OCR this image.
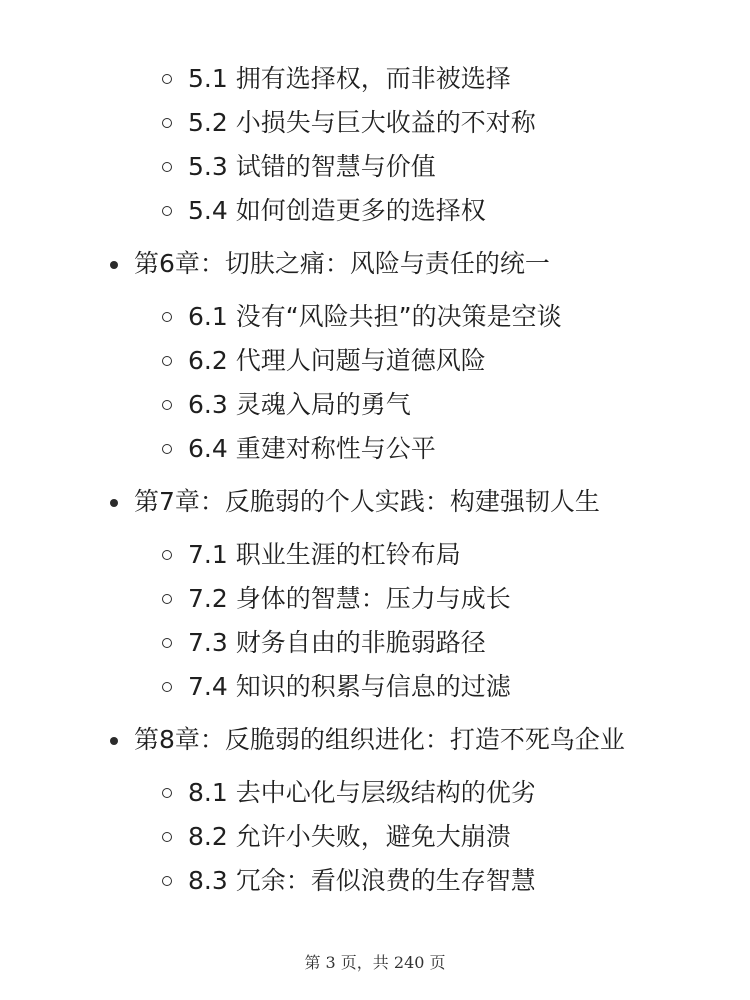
5.1 拥有选择权，而非被选择
5.2 小损失与巨大收益的不对称
5.3 试错的智慧与价值
5.4 如何创造更多的选择权
第6章：切肤之痛：风险与责任的统一
6.1 没有“风险共担”的决策是空谈
6.2 代理人问题与道德风险
6.3 灵魂入局的勇气
6.4 重建对称性与公平
第7章：反脆弱的个人实践：构建强韧人生
7.1 职业生涯的杠铃布局
7.2 身体的智慧：压力与成长
7.3 财务自由的非脆弱路径
7.4 知识的积累与信息的过滤
第8章：反脆弱的组织进化：打造不死鸟企业
8.1 去中心化与层级结构的优劣
8.2 允许小失败，避免大崩溃
8.3 冗余：看似浪费的生存智慧
第 3 页，共 240 页
